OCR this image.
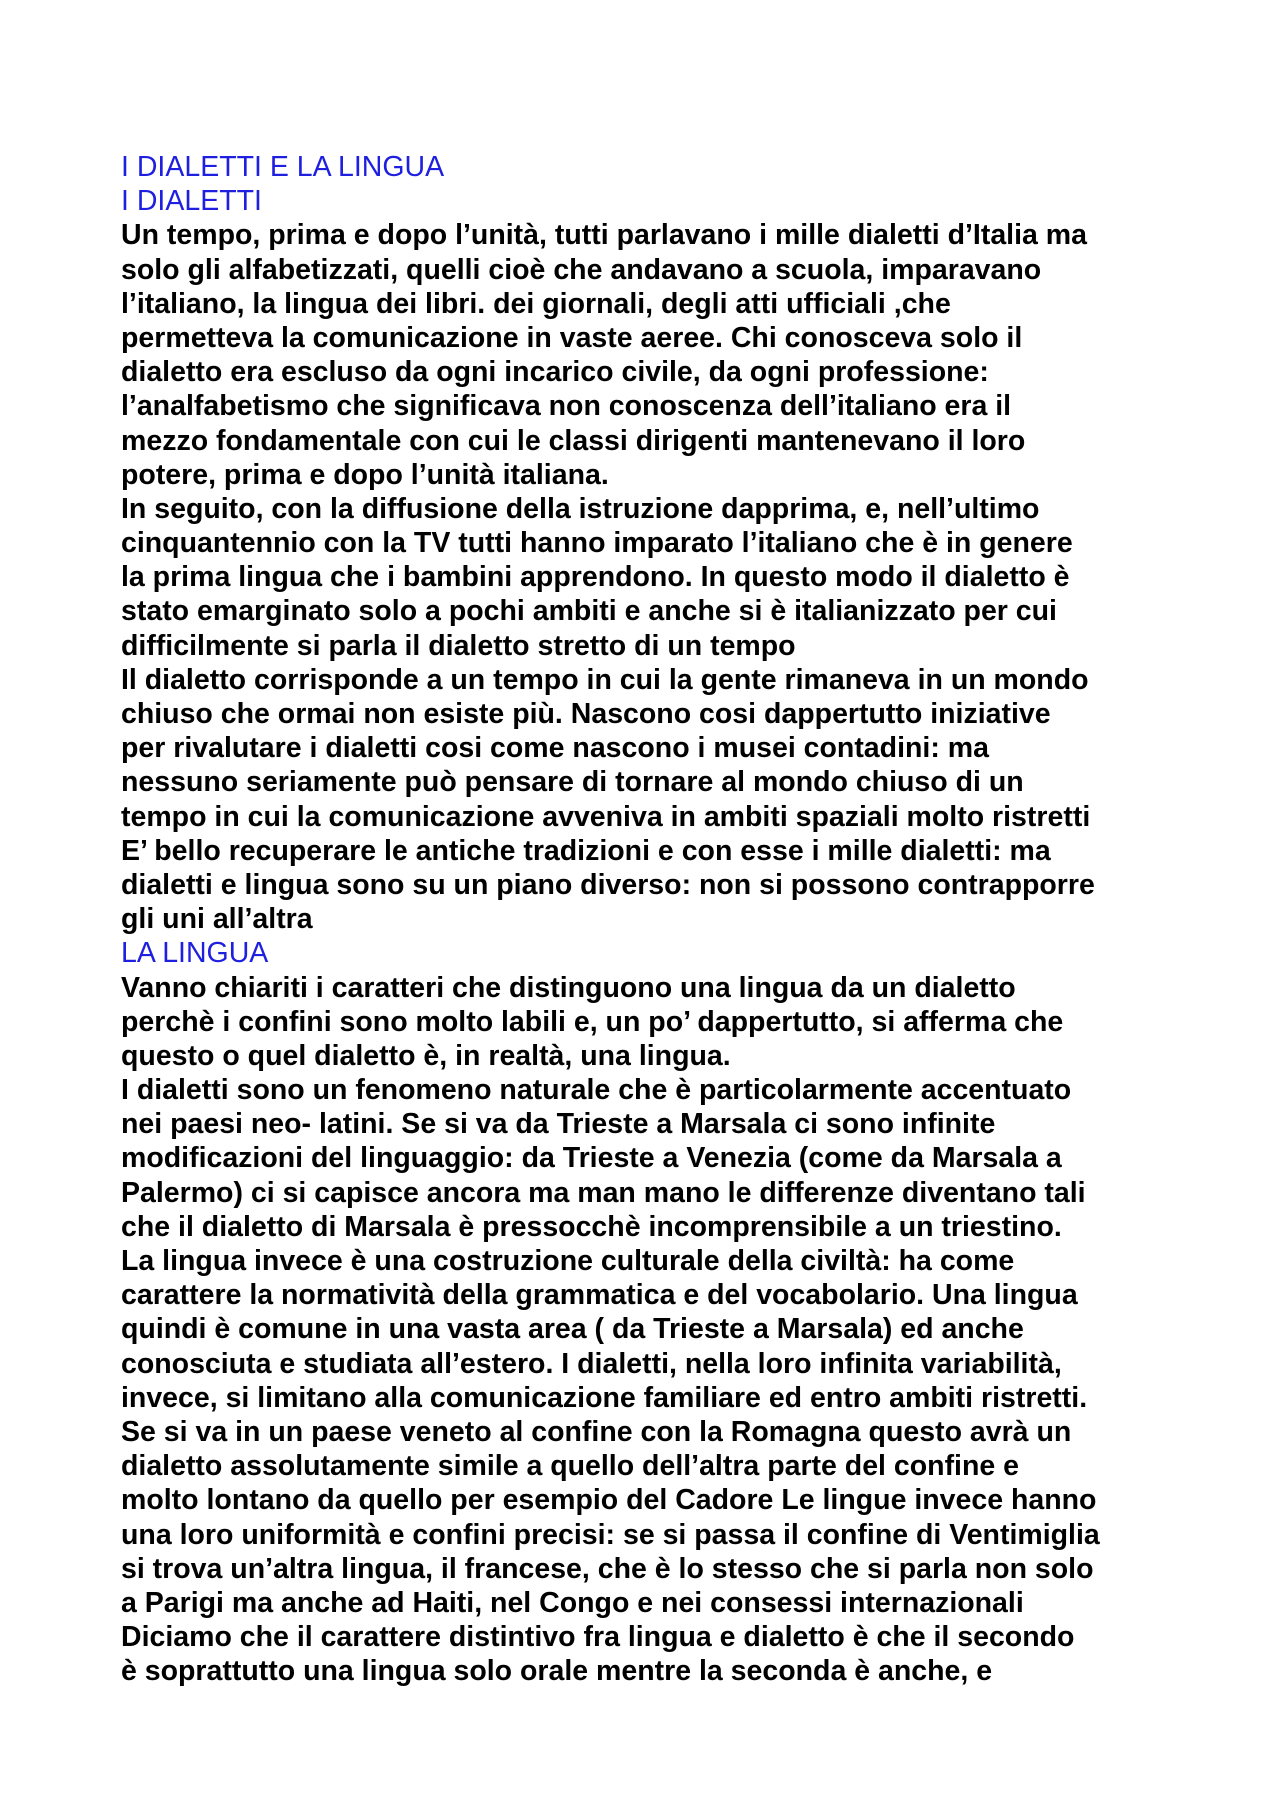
I DIALETTI E LA LINGUA
I DIALETTI
Un tempo, prima e dopo l’unità, tutti parlavano i mille dialetti d’Italia ma
solo gli alfabetizzati, quelli cioè che andavano a scuola, imparavano
l’italiano, la lingua dei libri. dei giornali, degli atti ufficiali ,che
permetteva la comunicazione in vaste aeree. Chi conosceva solo il
dialetto era escluso da ogni incarico civile, da ogni professione:
l’analfabetismo che significava non conoscenza dell’italiano era il
mezzo fondamentale con cui le classi dirigenti mantenevano il loro
potere, prima e dopo l’unità italiana.
In seguito, con la diffusione della istruzione dapprima, e, nell’ultimo
cinquantennio con la TV tutti hanno imparato l’italiano che è in genere
la prima lingua che i bambini apprendono. In questo modo il dialetto è
stato emarginato solo a pochi ambiti e anche si è italianizzato per cui
difficilmente si parla il dialetto stretto di un tempo
Il dialetto corrisponde a un tempo in cui la gente rimaneva in un mondo
chiuso che ormai non esiste più. Nascono cosi dappertutto iniziative
per rivalutare i dialetti cosi come nascono i musei contadini: ma
nessuno seriamente può pensare di tornare al mondo chiuso di un
tempo in cui la comunicazione avveniva in ambiti spaziali molto ristretti
E’ bello recuperare le antiche tradizioni e con esse i mille dialetti: ma
dialetti e lingua sono su un piano diverso: non si possono contrapporre
gli uni all’altra
LA LINGUA
Vanno chiariti i caratteri che distinguono una lingua da un dialetto
perchè i confini sono molto labili e, un po’ dappertutto, si afferma che
questo o quel dialetto è, in realtà, una lingua.
I dialetti sono un fenomeno naturale che è particolarmente accentuato
nei paesi neo- latini. Se si va da Trieste a Marsala ci sono infinite
modificazioni del linguaggio: da Trieste a Venezia (come da Marsala a
Palermo) ci si capisce ancora ma man mano le differenze diventano tali
che il dialetto di Marsala è pressocchè incomprensibile a un triestino.
La lingua invece è una costruzione culturale della civiltà: ha come
carattere la normatività della grammatica e del vocabolario. Una lingua
quindi è comune in una vasta area ( da Trieste a Marsala) ed anche
conosciuta e studiata all’estero. I dialetti, nella loro infinita variabilità,
invece, si limitano alla comunicazione familiare ed entro ambiti ristretti.
Se si va in un paese veneto al confine con la Romagna questo avrà un
dialetto assolutamente simile a quello dell’altra parte del confine e
molto lontano da quello per esempio del Cadore Le lingue invece hanno
una loro uniformità e confini precisi: se si passa il confine di Ventimiglia
si trova un’altra lingua, il francese, che è lo stesso che si parla non solo
a Parigi ma anche ad Haiti, nel Congo e nei consessi internazionali
Diciamo che il carattere distintivo fra lingua e dialetto è che il secondo
è soprattutto una lingua solo orale mentre la seconda è anche, e
